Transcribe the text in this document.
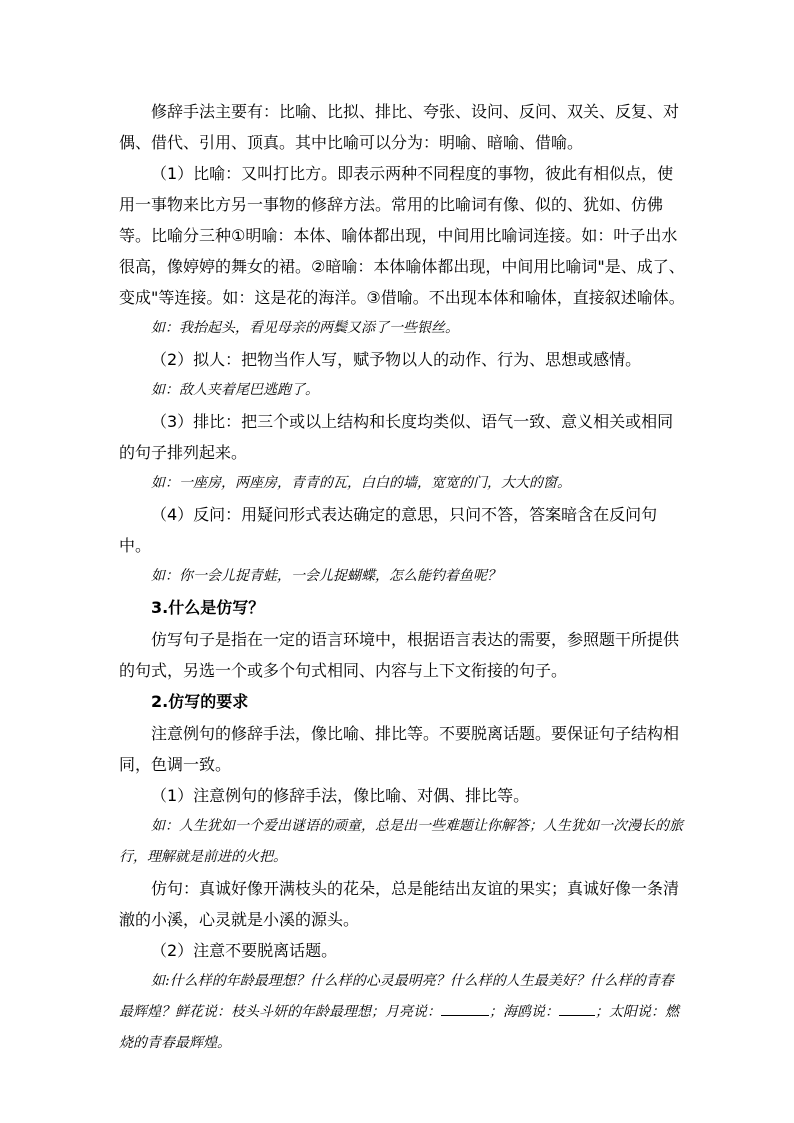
修辞手法主要有：比喻、比拟、排比、夸张、设问、反问、双关、反复、对偶、借代、引用、顶真。其中比喻可以分为：明喻、暗喻、借喻。

（1）比喻：又叫打比方。即表示两种不同程度的事物，彼此有相似点，使用一事物来比方另一事物的修辞方法。常用的比喻词有像、似的、犹如、仿佛等。比喻分三种①明喻：本体、喻体都出现，中间用比喻词连接。如：叶子出水很高，像婷婷的舞女的裙。②暗喻：本体喻体都出现，中间用比喻词"是、成了、变成"等连接。如：这是花的海洋。③借喻。不出现本体和喻体，直接叙述喻体。

如：我抬起头，看见母亲的两鬓又添了一些银丝。

（2）拟人：把物当作人写，赋予物以人的动作、行为、思想或感情。

如：敌人夹着尾巴逃跑了。

（3）排比：把三个或以上结构和长度均类似、语气一致、意义相关或相同的句子排列起来。

如：一座房，两座房，青青的瓦，白白的墙，宽宽的门，大大的窗。

（4）反问：用疑问形式表达确定的意思，只问不答，答案暗含在反问句中。

如：你一会儿捉青蛙，一会儿捉蝴蝶，怎么能钓着鱼呢？

3.什么是仿写？

仿写句子是指在一定的语言环境中，根据语言表达的需要，参照题干所提供的句式，另选一个或多个句式相同、内容与上下文衔接的句子。

2.仿写的要求

注意例句的修辞手法，像比喻、排比等。不要脱离话题。要保证句子结构相同，色调一致。

（1）注意例句的修辞手法，像比喻、对偶、排比等。

如：人生犹如一个爱出谜语的顽童，总是出一些难题让你解答；人生犹如一次漫长的旅行，理解就是前进的火把。

仿句：真诚好像开满枝头的花朵，总是能结出友谊的果实；真诚好像一条清澈的小溪，心灵就是小溪的源头。

（2）注意不要脱离话题。

如:什么样的年龄最理想？什么样的心灵最明亮？什么样的人生最美好？什么样的青春最辉煌？鲜花说：枝头斗妍的年龄最理想；月亮说：	；海鸥说：	；太阳说：燃烧的青春最辉煌。
